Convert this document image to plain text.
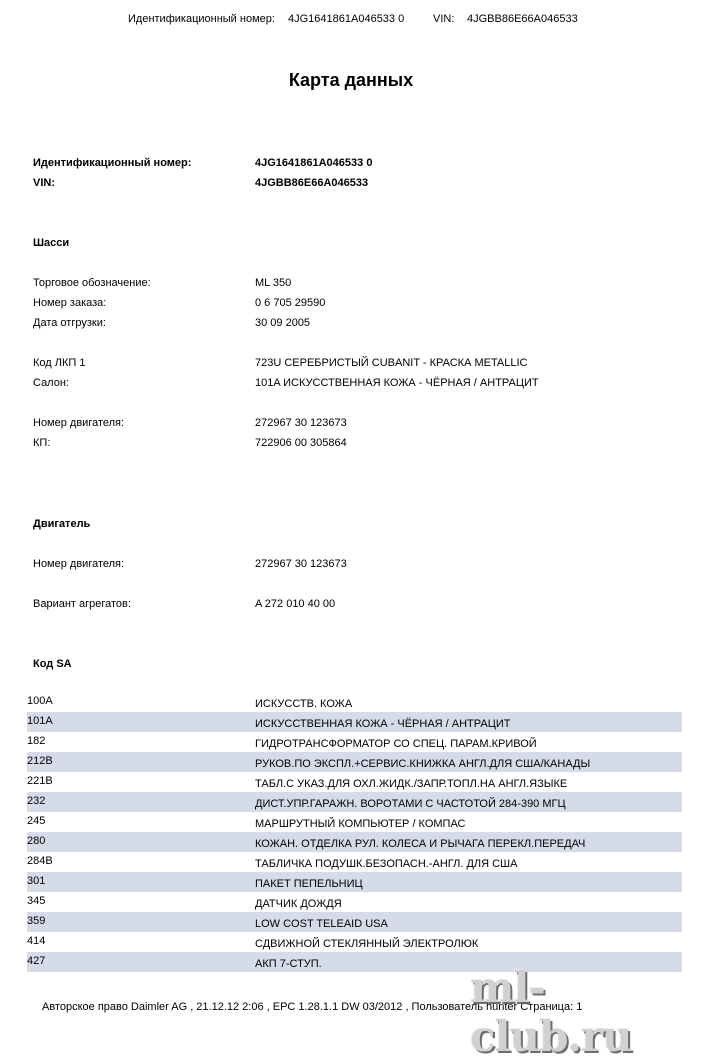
Идентификационный номер: 4JG1641861A046533 0	VIN: 4JGBB86E66A046533
Карта данных
Идентификационный номер:	4JG1641861A046533 0
VIN:	4JGBB86E66A046533
Шасси
Торговое обозначение:	ML 350
Номер заказа:	0 6 705 29590
Дата отгрузки:	30 09 2005
Код ЛКП 1	723U СЕРЕБРИСТЫЙ CUBANIT - КРАСКА METALLIC
Салон:	101A ИСКУССТВЕННАЯ КОЖА - ЧЁРНАЯ / АНТРАЦИТ
Номер двигателя:	272967 30 123673
КП:	722906 00 305864
Двигатель
Номер двигателя:	272967 30 123673
Вариант агрегатов:	A 272 010 40 00
Код SA
100A	ИСКУССТВ. КОЖА
101A	ИСКУССТВЕННАЯ КОЖА - ЧЁРНАЯ / АНТРАЦИТ
182	ГИДРОТРАНСФОРМАТОР СО СПЕЦ. ПАРАМ.КРИВОЙ
212B	РУКОВ.ПО ЭКСПЛ.+СЕРВИС.КНИЖКА АНГЛ.ДЛЯ США/КАНАДЫ
221B	ТАБЛ.С УКАЗ.ДЛЯ ОХЛ.ЖИДК./ЗАПР.ТОПЛ.НА АНГЛ.ЯЗЫКЕ
232	ДИСТ.УПР.ГАРАЖН. ВОРОТАМИ С ЧАСТОТОЙ 284-390 МГЦ
245	МАРШРУТНЫЙ КОМПЬЮТЕР / КОМПАС
280	КОЖАН. ОТДЕЛКА РУЛ. КОЛЕСА И РЫЧАГА ПЕРЕКЛ.ПЕРЕДАЧ
284B	ТАБЛИЧКА ПОДУШК.БЕЗОПАСН.-АНГЛ. ДЛЯ США
301	ПАКЕТ ПЕПЕЛЬНИЦ
345	ДАТЧИК ДОЖДЯ
359	LOW COST TELEAID USA
414	СДВИЖНОЙ СТЕКЛЯННЫЙ ЭЛЕКТРОЛЮК
427	АКП 7-СТУП.
Авторское право Daimler AG , 21.12.12 2:06 , EPC 1.28.1.1 DW 03/2012 , Пользователь hunter Страница: 1
ml-club.ru
